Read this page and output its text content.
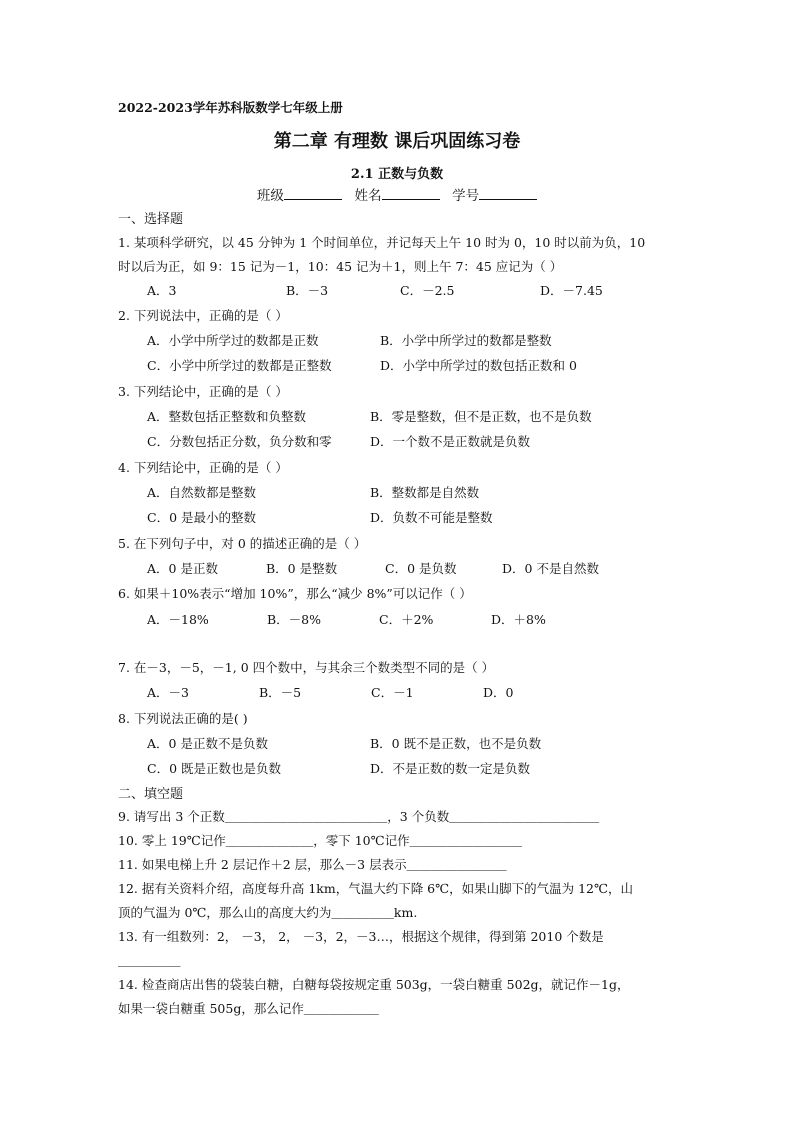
2022-2023学年苏科版数学七年级上册
第二章 有理数 课后巩固练习卷
2.1 正数与负数
班级	姓名	学号
一、选择题
1. 某项科学研究，以 45 分钟为 1 个时间单位，并记每天上午 10 时为 0，10 时以前为负，10
时以后为正，如 9：15 记为－1，10：45 记为＋1，则上午 7：45 应记为（ ）
A．3	B．－3	C．－2.5	D．－7.45
2. 下列说法中，正确的是（ ）
A．小学中所学过的数都是正数	B．小学中所学过的数都是整数
C．小学中所学过的数都是正整数	D．小学中所学过的数包括正数和 0
3. 下列结论中，正确的是（ ）
A．整数包括正整数和负整数	B．零是整数，但不是正数，也不是负数
C．分数包括正分数，负分数和零	D．一个数不是正数就是负数
4. 下列结论中，正确的是（ ）
A．自然数都是整数	B．整数都是自然数
C．0 是最小的整数	D．负数不可能是整数
5. 在下列句子中，对 0 的描述正确的是（ ）
A．0 是正数	B．0 是整数	C．0 是负数	D．0 不是自然数
6. 如果＋10%表示“增加 10%”，那么“减少 8%”可以记作（ ）
A．－18%	B．－8%	C．＋2%	D．＋8%
7. 在－3，－5，－1, 0 四个数中，与其余三个数类型不同的是（ ）
A．－3	B．－5	C．－1	D．0
8. 下列说法正确的是( )
A．0 是正数不是负数	B．0 既不是正数，也不是负数
C．0 既是正数也是负数	D．不是正数的数一定是负数
二、填空题
9. 请写出 3 个正数＿＿＿＿＿＿＿＿＿＿＿＿＿，3 个负数＿＿＿＿＿＿＿＿＿＿＿＿
10. 零上 19℃记作＿＿＿＿＿＿＿，零下 10℃记作＿＿＿＿＿＿＿＿＿
11. 如果电梯上升 2 层记作＋2 层，那么－3 层表示＿＿＿＿＿＿＿＿
12. 据有关资料介绍，高度每升高 1km，气温大约下降 6℃，如果山脚下的气温为 12℃，山
顶的气温为 0℃，那么山的高度大约为＿＿＿＿＿km.
13. 有一组数列：2， －3， 2， －3，2，－3…，根据这个规律，得到第 2010 个数是
＿＿＿＿＿
14. 检查商店出售的袋装白糖，白糖每袋按规定重 503g，一袋白糖重 502g，就记作－1g，
如果一袋白糖重 505g，那么记作＿＿＿＿＿＿
